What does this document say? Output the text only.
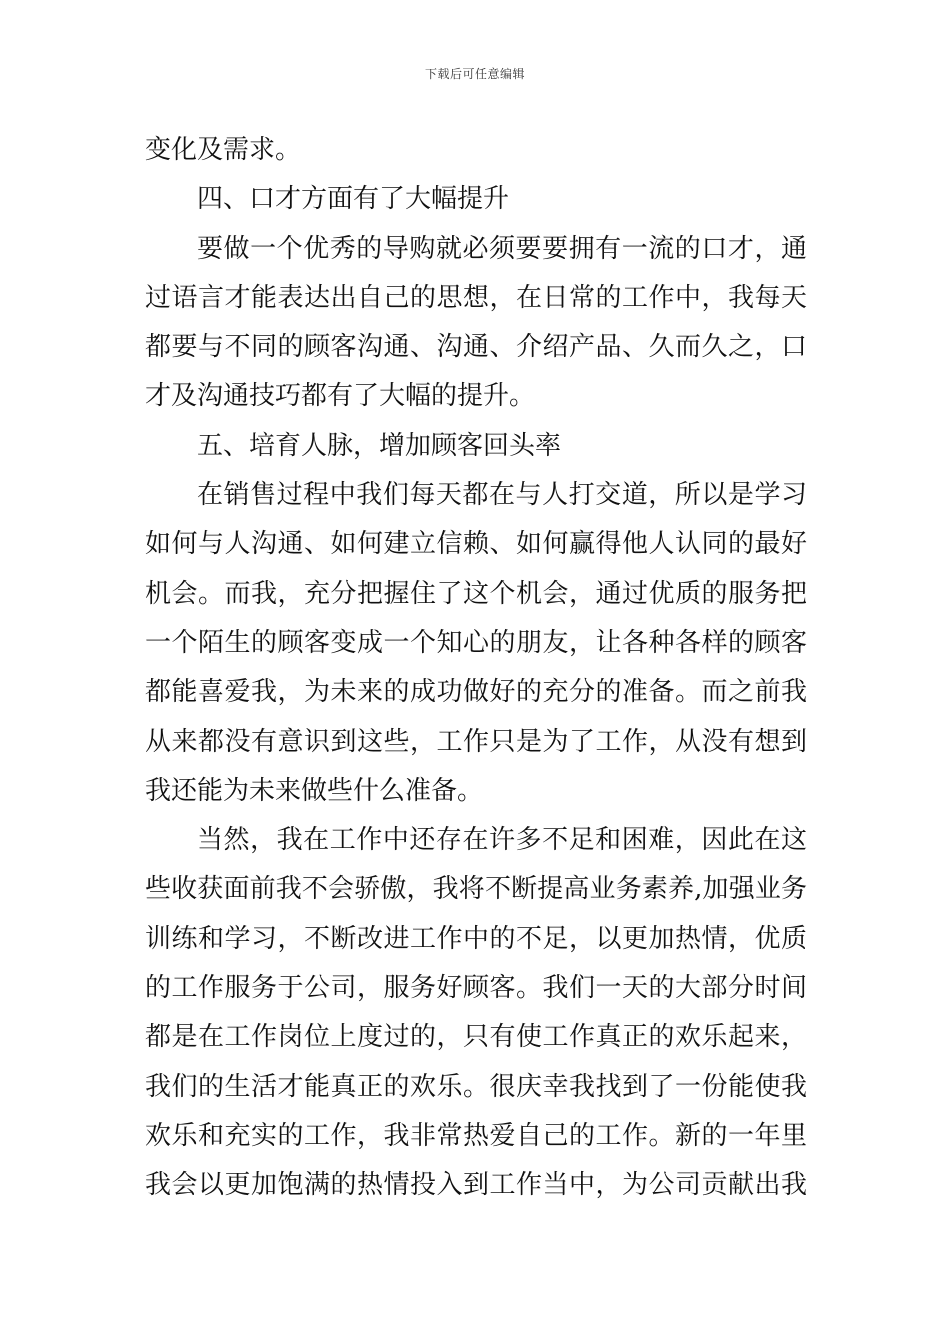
下载后可任意编辑
变化及需求。
四、口才方面有了大幅提升
要做一个优秀的导购就必须要要拥有一流的口才，通
过语言才能表达出自己的思想，在日常的工作中，我每天
都要与不同的顾客沟通、沟通、介绍产品、久而久之，口
才及沟通技巧都有了大幅的提升。
五、培育人脉，增加顾客回头率
在销售过程中我们每天都在与人打交道，所以是学习
如何与人沟通、如何建立信赖、如何赢得他人认同的最好
机会。而我，充分把握住了这个机会，通过优质的服务把
一个陌生的顾客变成一个知心的朋友，让各种各样的顾客
都能喜爱我，为未来的成功做好的充分的准备。而之前我
从来都没有意识到这些，工作只是为了工作，从没有想到
我还能为未来做些什么准备。
当然，我在工作中还存在许多不足和困难，因此在这
些收获面前我不会骄傲，我将不断提高业务素养,加强业务
训练和学习，不断改进工作中的不足，以更加热情，优质
的工作服务于公司，服务好顾客。我们一天的大部分时间
都是在工作岗位上度过的，只有使工作真正的欢乐起来，
我们的生活才能真正的欢乐。很庆幸我找到了一份能使我
欢乐和充实的工作，我非常热爱自己的工作。新的一年里
我会以更加饱满的热情投入到工作当中，为公司贡献出我
